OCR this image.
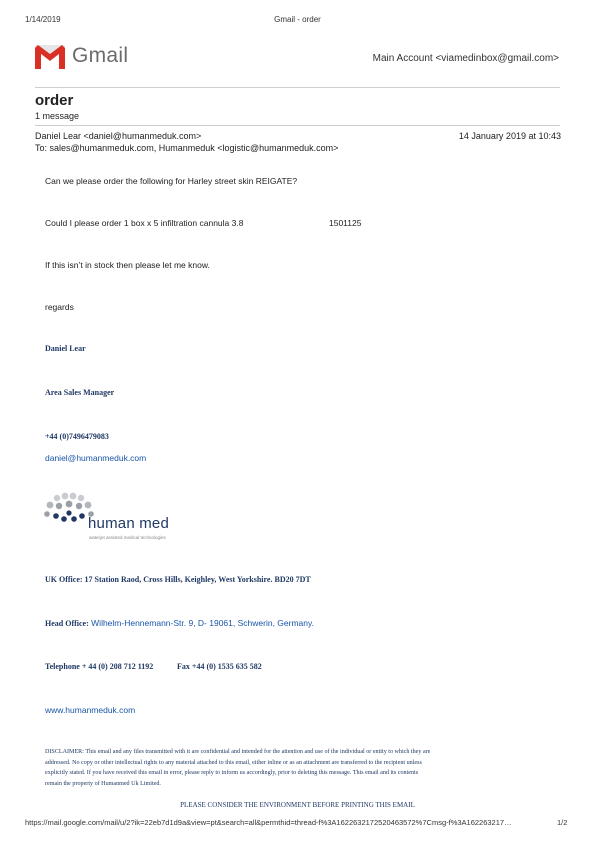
1/14/2019	Gmail - order
Gmail	Main Account <viamedinbox@gmail.com>
order
1 message
Daniel Lear <daniel@humanmeduk.com>	14 January 2019 at 10:43
To: sales@humanmeduk.com, Humanmeduk <logistic@humanmeduk.com>
Can we please order the following for Harley street skin REIGATE?
Could I please order 1 box x 5 infiltration cannula 3.8	1501125
If this isn’t in stock then please let me know.
regards
Daniel Lear
Area Sales Manager
+44 (0)7496479083
daniel@humanmeduk.com
human med
waterjet assisted medical technologies
UK Office: 17 Station Raod, Cross Hills, Keighley, West Yorkshire. BD20 7DT
Head Office: Wilhelm-Hennemann-Str. 9, D- 19061, Schwerin, Germany.
Telephone + 44 (0) 208 712 1192	Fax +44 (0) 1535 635 582
www.humanmeduk.com
DISCLAIMER: This email and any files transmitted with it are confidential and intended for the attention and use of the individual or entity to which they are
addressed. No copy or other intellectual rights to any material attached to this email, either inline or as an attachment are transferred to the recipient unless
explicitly stated. If you have received this email in error, please reply to inform us accordingly, prior to deleting this message. This email and its contents
remain the property of Humanmed Uk Limited.
PLEASE CONSIDER THE ENVIRONMENT BEFORE PRINTING THIS EMAIL
https://mail.google.com/mail/u/2?ik=22eb7d1d9a&view=pt&search=all&permthid=thread-f%3A1622632172520463572%7Cmsg-f%3A162263217…	1/2
